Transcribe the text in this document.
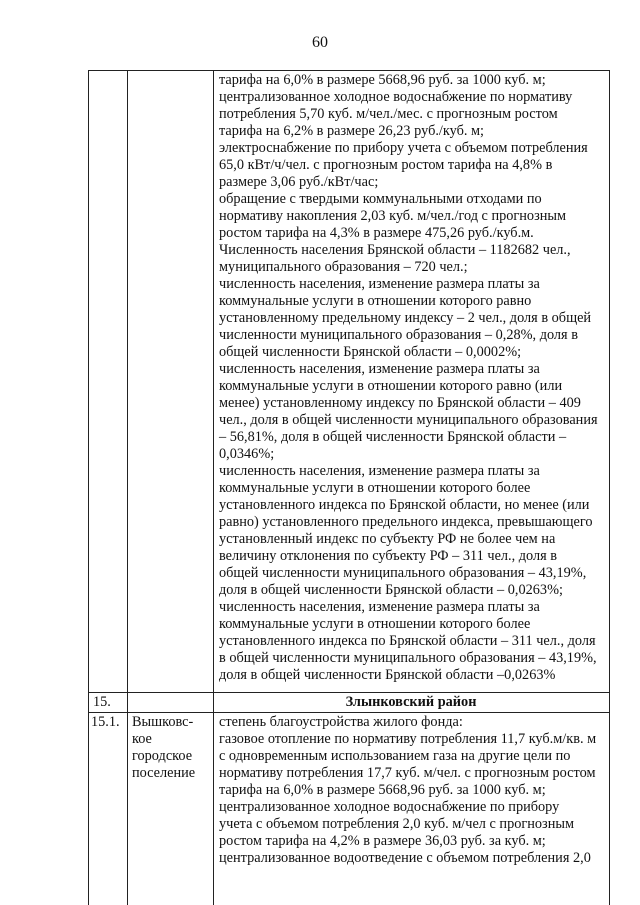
60
тарифа на 6,0% в размере 5668,96 руб. за 1000 куб. м;
централизованное холодное водоснабжение по нормативу
потребления 5,70 куб. м/чел./мес. с прогнозным ростом
тарифа на 6,2% в размере 26,23 руб./куб. м;
электроснабжение по прибору учета с объемом потребления
65,0 кВт/ч/чел. с прогнозным ростом тарифа на 4,8% в
размере 3,06 руб./кВт/час;
обращение с твердыми коммунальными отходами по
нормативу накопления 2,03 куб. м/чел./год с прогнозным
ростом тарифа на 4,3% в размере 475,26 руб./куб.м.
Численность населения Брянской области – 1182682 чел.,
муниципального образования – 720 чел.;
численность населения, изменение размера платы за
коммунальные услуги в отношении которого равно
установленному предельному индексу – 2 чел., доля в общей
численности муниципального образования – 0,28%, доля в
общей численности Брянской области – 0,0002%;
численность населения, изменение размера платы за
коммунальные услуги в отношении которого равно (или
менее) установленному индексу по Брянской области – 409
чел., доля в общей численности муниципального образования
– 56,81%, доля в общей численности Брянской области –
0,0346%;
численность населения, изменение размера платы за
коммунальные услуги в отношении которого более
установленного индекса по Брянской области, но менее (или
равно) установленного предельного индекса, превышающего
установленный индекс по субъекту РФ не более чем на
величину отклонения по субъекту РФ – 311 чел., доля в
общей численности муниципального образования – 43,19%,
доля в общей численности Брянской области – 0,0263%;
численность населения, изменение размера платы за
коммунальные услуги в отношении которого более
установленного индекса по Брянской области – 311 чел., доля
в общей численности муниципального образования – 43,19%,
доля в общей численности Брянской области –0,0263%
15.	Злынковский район
15.1. Вышковс-
кое
городское
поселение
степень благоустройства жилого фонда:
газовое отопление по нормативу потребления 11,7 куб.м/кв. м
с одновременным использованием газа на другие цели по
нормативу потребления 17,7 куб. м/чел. с прогнозным ростом
тарифа на 6,0% в размере 5668,96 руб. за 1000 куб. м;
централизованное холодное водоснабжение по прибору
учета с объемом потребления 2,0 куб. м/чел с прогнозным
ростом тарифа на 4,2% в размере 36,03 руб. за куб. м;
централизованное водоотведение с объемом потребления 2,0
